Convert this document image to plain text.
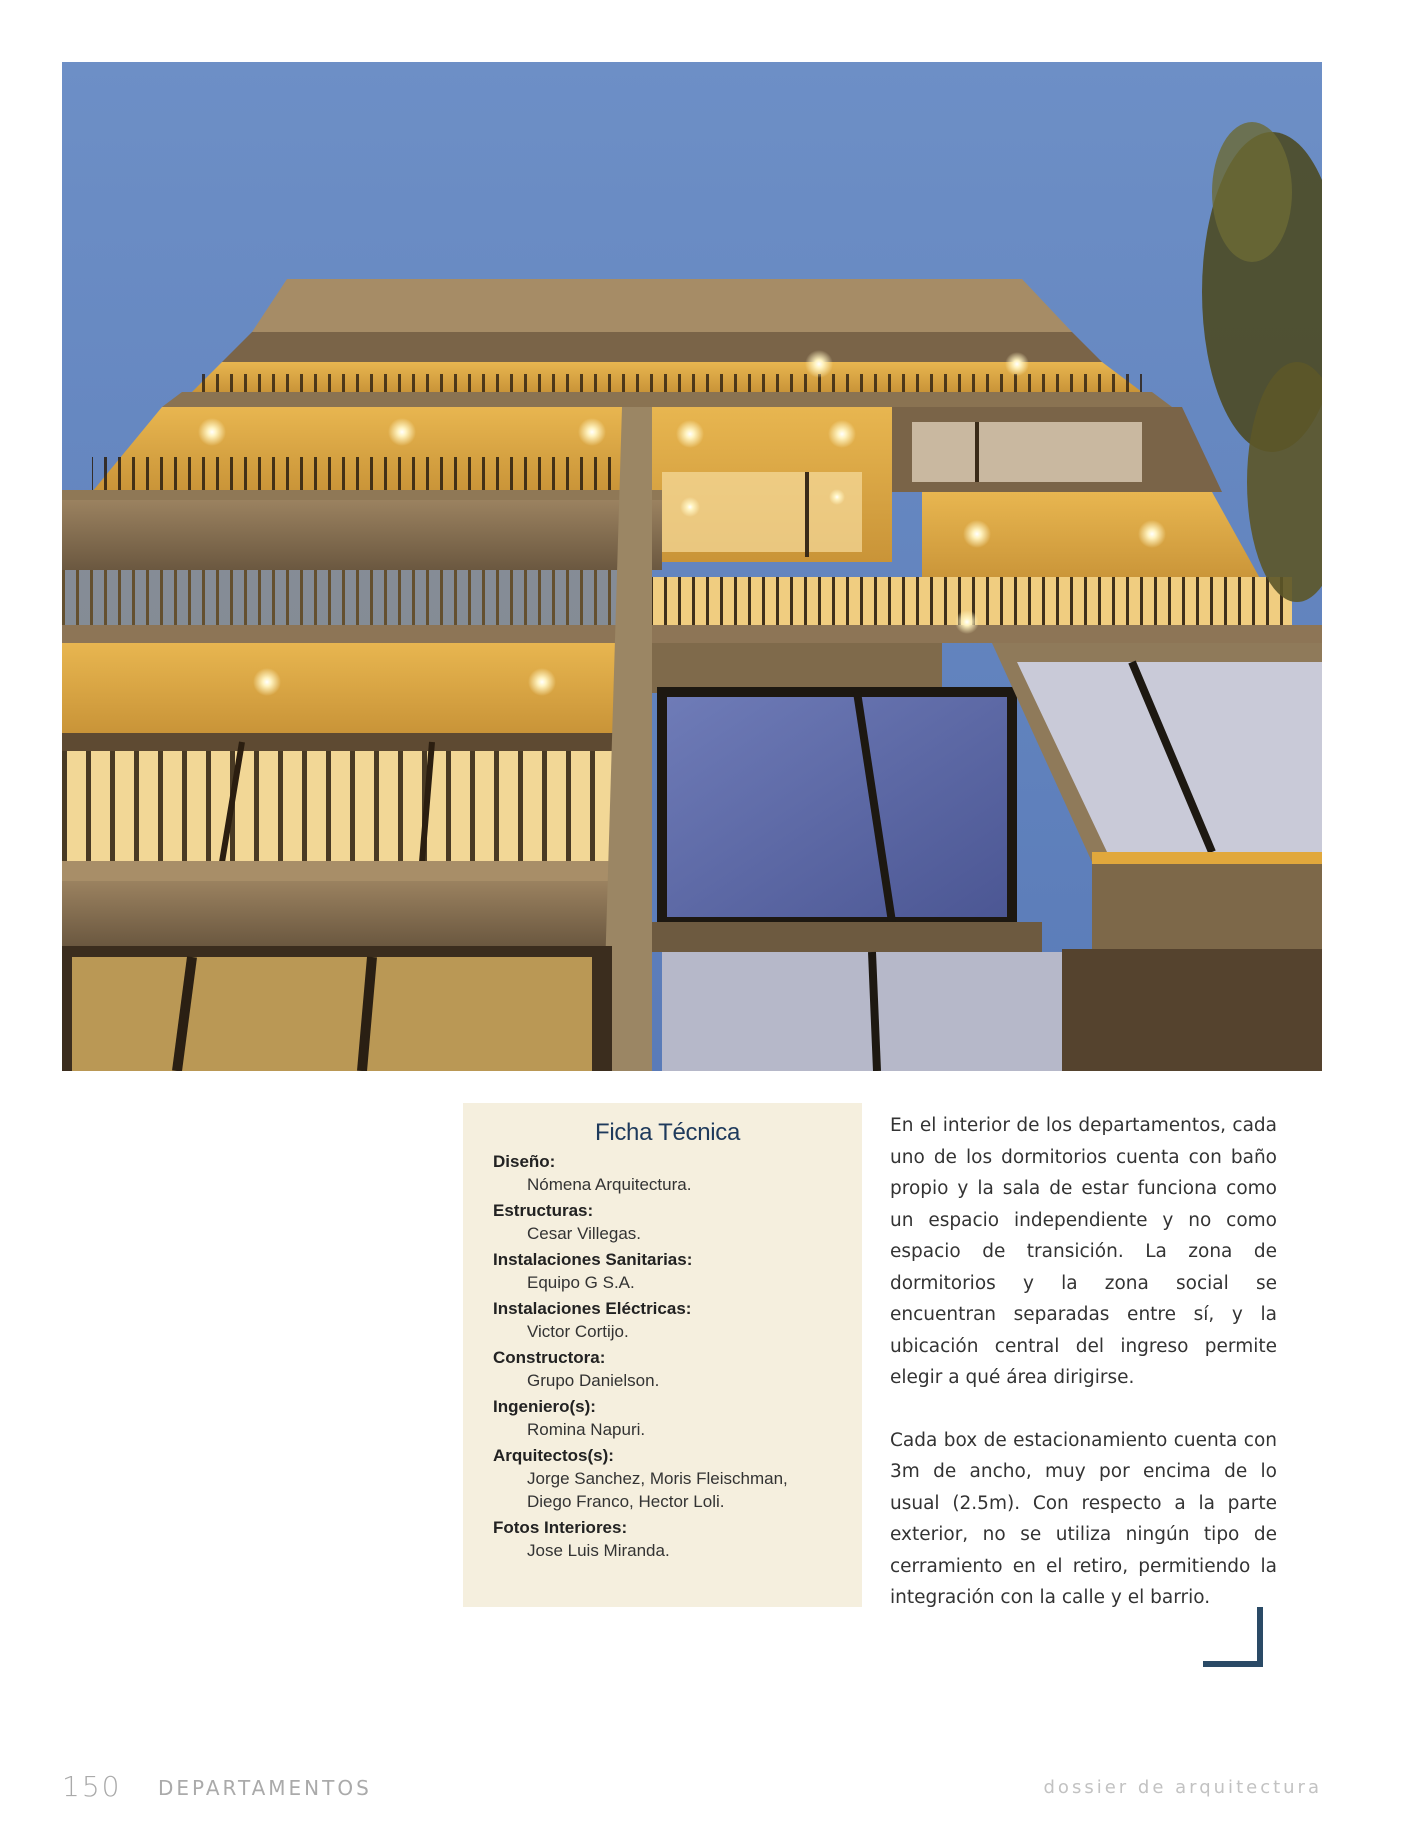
Ficha Técnica
Diseño:
Nómena Arquitectura.
Estructuras:
Cesar Villegas.
Instalaciones Sanitarias:
Equipo G S.A.
Instalaciones Eléctricas:
Victor Cortijo.
Constructora:
Grupo Danielson.
Ingeniero(s):
Romina Napuri.
Arquitectos(s):
Jorge Sanchez, Moris Fleischman,
Diego Franco, Hector Loli.
Fotos Interiores:
Jose Luis Miranda.

En el interior de los departamentos, cada uno de los dormitorios cuenta con baño propio y la sala de estar funciona como un espacio independiente y no como espacio de transición. La zona de dormitorios y la zona social se encuentran separadas entre sí, y la ubicación central del ingreso permite elegir a qué área dirigirse.

Cada box de estacionamiento cuenta con 3m de ancho, muy por encima de lo usual (2.5m). Con respecto a la parte exterior, no se utiliza ningún tipo de cerramiento en el retiro, permitiendo la integración con la calle y el barrio.

150 DEPARTAMENTOS	dossier de arquitectura
